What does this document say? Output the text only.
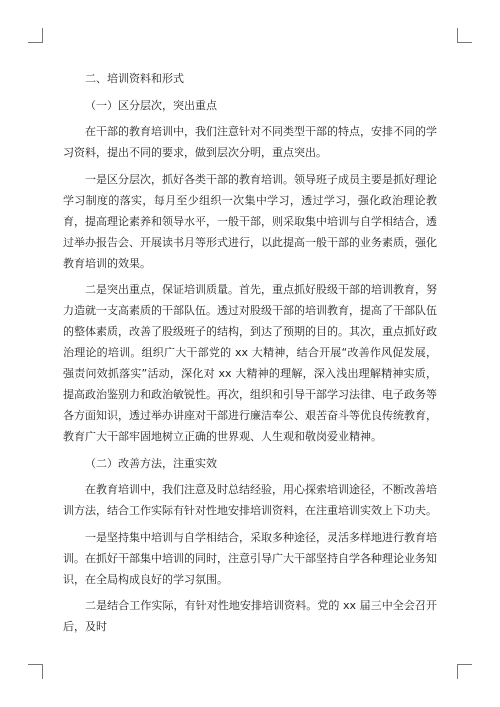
二、培训资料和形式

（一）区分层次，突出重点

在干部的教育培训中，我们注意针对不同类型干部的特点，安排不同的学习资料，提出不同的要求，做到层次分明，重点突出。

一是区分层次，抓好各类干部的教育培训。领导班子成员主要是抓好理论学习制度的落实，每月至少组织一次集中学习，透过学习，强化政治理论教育，提高理论素养和领导水平，一般干部，则采取集中培训与自学相结合，透过举办报告会、开展读书月等形式进行，以此提高一般干部的业务素质，强化教育培训的效果。

二是突出重点，保证培训质量。首先，重点抓好股级干部的培训教育，努力造就一支高素质的干部队伍。透过对股级干部的培训教育，提高了干部队伍的整体素质，改善了股级班子的结构，到达了预期的目的。其次，重点抓好政治理论的培训。组织广大干部党的 xx 大精神，结合开展“改善作风促发展，强责问效抓落实”活动，深化对 xx 大精神的理解，深入浅出理解精神实质，提高政治鉴别力和政治敏锐性。再次，组织和引导干部学习法律、电子政务等各方面知识，透过举办讲座对干部进行廉洁奉公、艰苦奋斗等优良传统教育，教育广大干部牢固地树立正确的世界观、人生观和敬岗爱业精神。

（二）改善方法，注重实效

在教育培训中，我们注意及时总结经验，用心探索培训途径，不断改善培训方法，结合工作实际有针对性地安排培训资料，在注重培训实效上下功夫。

一是坚持集中培训与自学相结合，采取多种途径，灵活多样地进行教育培训。在抓好干部集中培训的同时，注意引导广大干部坚持自学各种理论业务知识，在全局构成良好的学习氛围。

二是结合工作实际，有针对性地安排培训资料。党的 xx 届三中全会召开后，及时
